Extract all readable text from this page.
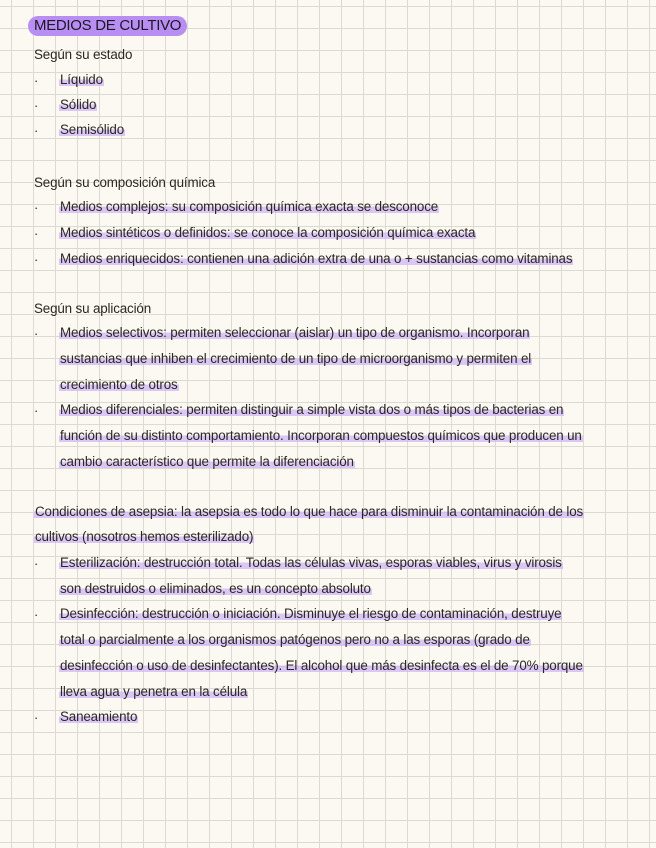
MEDIOS DE CULTIVO
Según su estado
· Líquido
· Sólido
· Semisólido
Según su composición química
· Medios complejos: su composición química exacta se desconoce
· Medios sintéticos o definidos: se conoce la composición química exacta
· Medios enriquecidos: contienen una adición extra de una o + sustancias como vitaminas
Según su aplicación
· Medios selectivos: permiten seleccionar (aislar) un tipo de organismo. Incorporan
sustancias que inhiben el crecimiento de un tipo de microorganismo y permiten el
crecimiento de otros
· Medios diferenciales: permiten distinguir a simple vista dos o más tipos de bacterias en
función de su distinto comportamiento. Incorporan compuestos químicos que producen un
cambio característico que permite la diferenciación
Condiciones de asepsia: la asepsia es todo lo que hace para disminuir la contaminación de los
cultivos (nosotros hemos esterilizado)
· Esterilización: destrucción total. Todas las células vivas, esporas viables, virus y virosis
son destruidos o eliminados, es un concepto absoluto
· Desinfección: destrucción o iniciación. Disminuye el riesgo de contaminación, destruye
total o parcialmente a los organismos patógenos pero no a las esporas (grado de
desinfección o uso de desinfectantes). El alcohol que más desinfecta es el de 70% porque
lleva agua y penetra en la célula
· Saneamiento
